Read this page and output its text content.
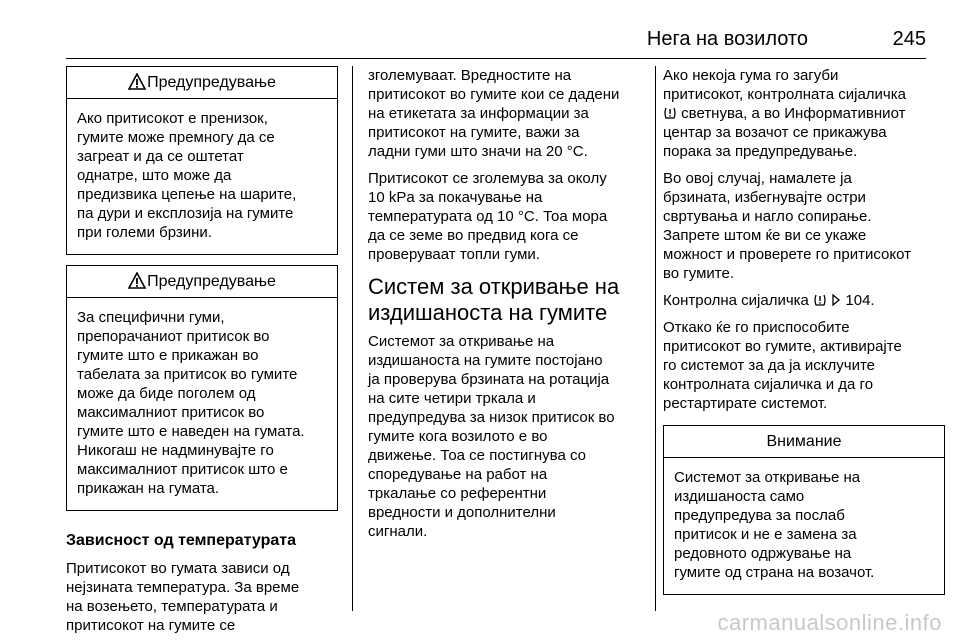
Нега на возилото	245
Предупредување
Ако притисокот е пренизок,
гумите може премногу да се
загреат и да се оштетат
однатре, што може да
предизвика цепење на шарите,
па дури и експлозија на гумите
при големи брзини.
Предупредување
За специфични гуми,
препорачаниот притисок во
гумите што е прикажан во
табелата за притисок во гумите
може да биде поголем од
максималниот притисок во
гумите што е наведен на гумата.
Никогаш не надминувајте го
максималниот притисок што е
прикажан на гумата.
Зависност од температурата
Притисокот во гумата зависи од
нејзината температура. За време
на возењето, температурата и
притисокот на гумите се

зголемуваат. Вредностите на
притисокот во гумите кои се дадени
на етикетата за информации за
притисокот на гумите, важи за
ладни гуми што значи на 20 °C.

Притисокот се зголемува за околу
10 kPa за покачување на
температурата од 10 °C. Тоа мора
да се земе во предвид кога се
проверуваат топли гуми.

Систем за откривање на
издишаноста на гумите

Системот за откривање на
издишаноста на гумите постојано
ја проверува брзината на ротација
на сите четири тркала и
предупредува за низок притисок во
гумите кога возилото е во
движење. Тоа се постигнува со
споредување на работ на
тркалање со референтни
вредности и дополнителни
сигнали.

Ако некоја гума го загуби
притисокот, контролната сијаличка
светнува, а во Информативниот
центар за возачот се прикажува
порака за предупредување.

Во овој случај, намалете ја
брзината, избегнувајте остри
свртувања и нагло сопирање.
Запрете штом ќе ви се укаже
можност и проверете го притисокот
во гумите.

Контролна сијаличка 104.

Откако ќе го приспособите
притисокот во гумите, активирајте
го системот за да ја исклучите
контролната сијаличка и да го
рестартирате системот.

Внимание
Системот за откривање на
издишаноста само
предупредува за послаб
притисок и не е замена за
редовното одржување на
гумите од страна на возачот.
carmanualsonline.info
